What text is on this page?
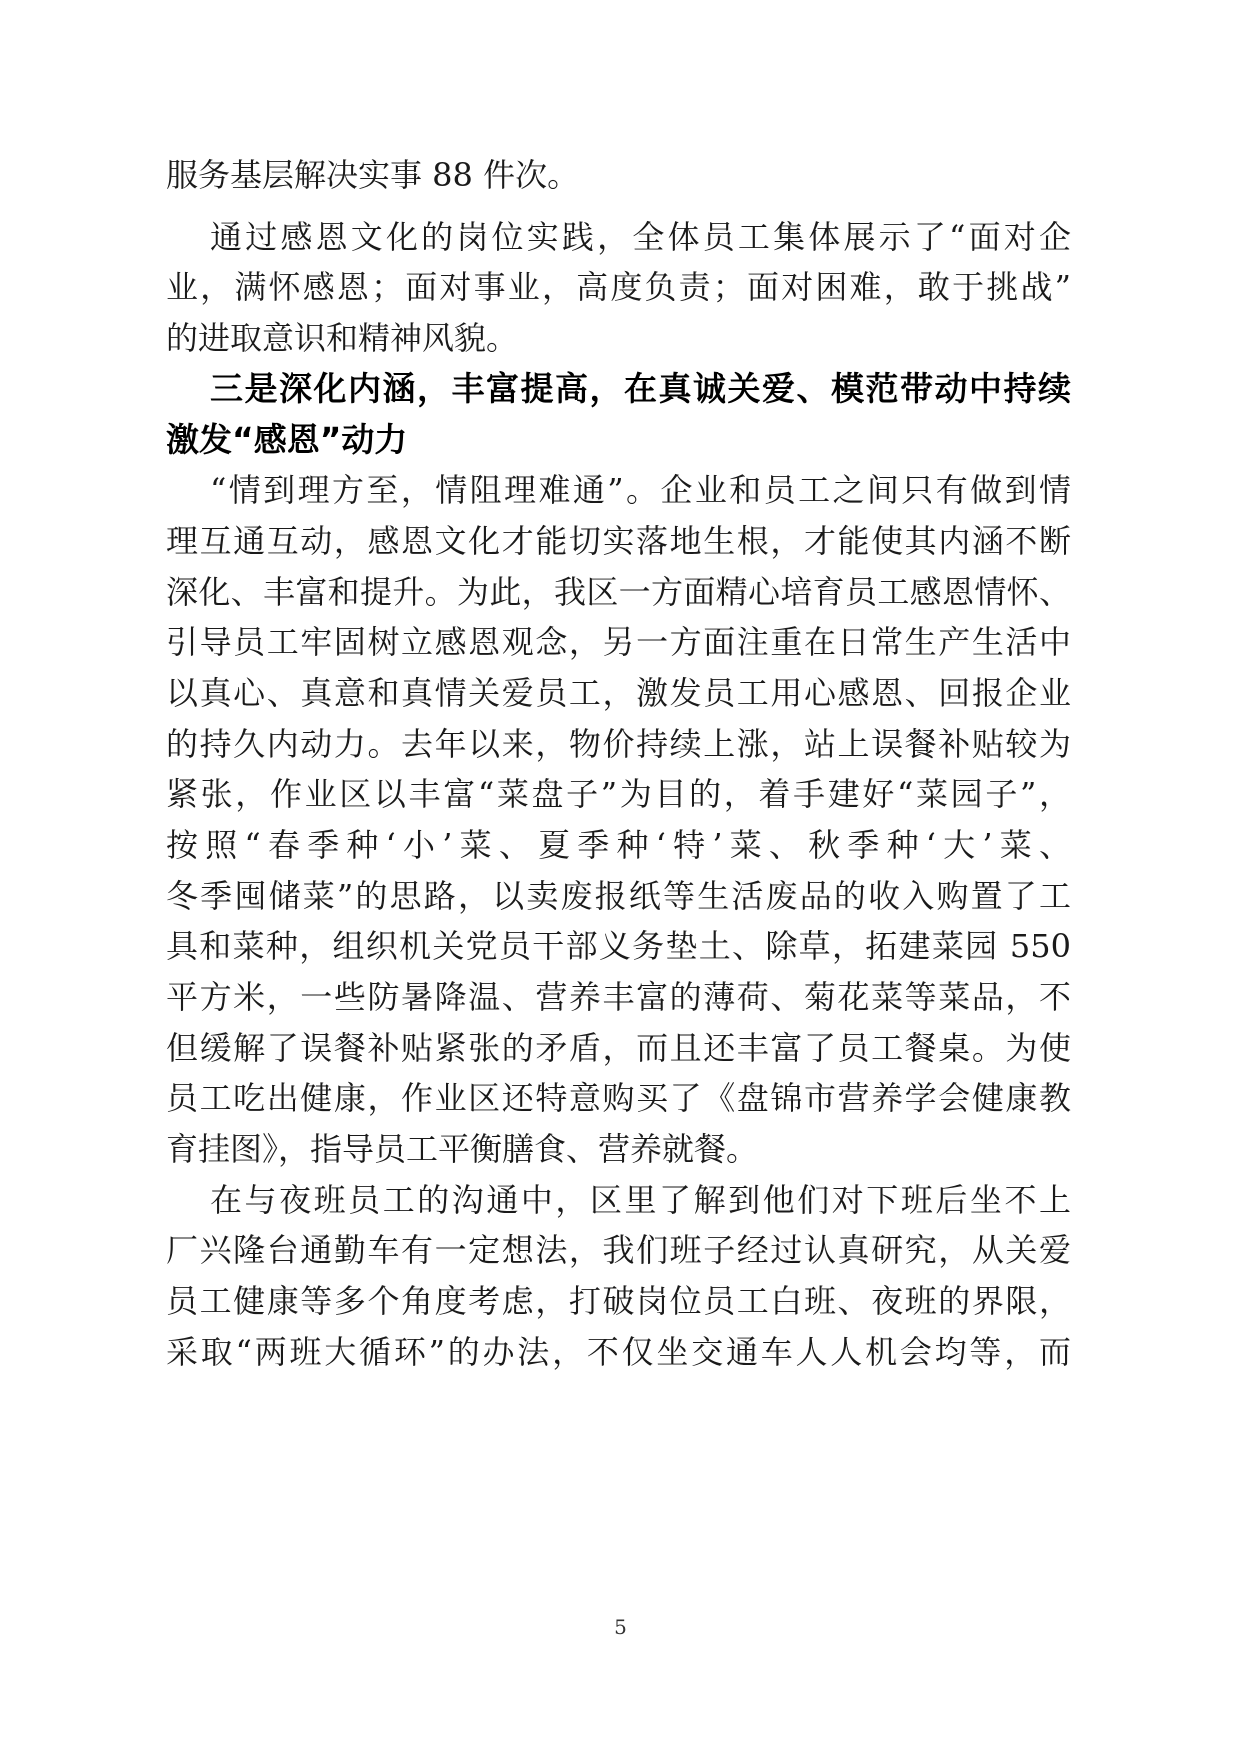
服务基层解决实事 88 件次。
通过感恩文化的岗位实践，全体员工集体展示了“面对企
业，满怀感恩；面对事业，高度负责；面对困难，敢于挑战”
的进取意识和精神风貌。
三是深化内涵，丰富提高，在真诚关爱、模范带动中持续
激发“感恩”动力
“情到理方至，情阻理难通”。企业和员工之间只有做到情
理互通互动，感恩文化才能切实落地生根，才能使其内涵不断
深化、丰富和提升。为此，我区一方面精心培育员工感恩情怀、
引导员工牢固树立感恩观念，另一方面注重在日常生产生活中
以真心、真意和真情关爱员工，激发员工用心感恩、回报企业
的持久内动力。去年以来，物价持续上涨，站上误餐补贴较为
紧张，作业区以丰富“菜盘子”为目的，着手建好“菜园子”，
按照“春季种‘小’菜、夏季种‘特’菜、秋季种‘大’菜、
冬季囤储菜”的思路，以卖废报纸等生活废品的收入购置了工
具和菜种，组织机关党员干部义务垫土、除草，拓建菜园 550
平方米，一些防暑降温、营养丰富的薄荷、菊花菜等菜品，不
但缓解了误餐补贴紧张的矛盾，而且还丰富了员工餐桌。为使
员工吃出健康，作业区还特意购买了《盘锦市营养学会健康教
育挂图》，指导员工平衡膳食、营养就餐。
在与夜班员工的沟通中，区里了解到他们对下班后坐不上
厂兴隆台通勤车有一定想法，我们班子经过认真研究，从关爱
员工健康等多个角度考虑，打破岗位员工白班、夜班的界限，
采取“两班大循环”的办法，不仅坐交通车人人机会均等，而
5
